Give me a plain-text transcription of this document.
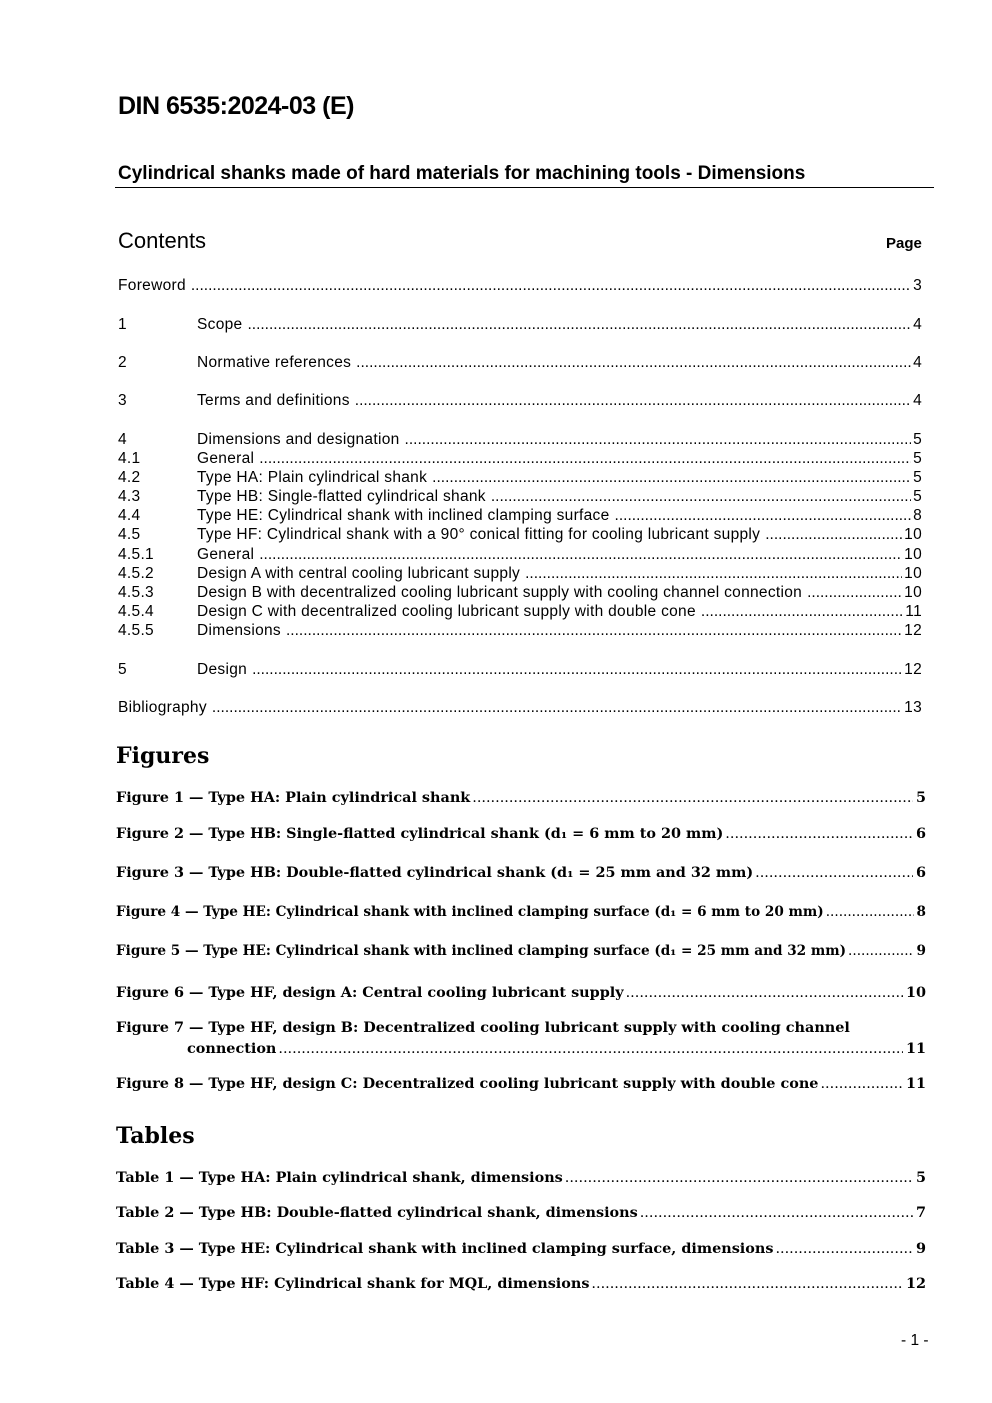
DIN 6535:2024-03 (E)
Cylindrical shanks made of hard materials for machining tools - Dimensions
Contents	Page
Foreword .....	3
1	Scope .....	4
2	Normative references .....	4
3	Terms and definitions .....	4
4	Dimensions and designation .....	5
4.1	General .....	5
4.2	Type HA: Plain cylindrical shank .....	5
4.3	Type HB: Single-flatted cylindrical shank .....	5
4.4	Type HE: Cylindrical shank with inclined clamping surface .....	8
4.5	Type HF: Cylindrical shank with a 90° conical fitting for cooling lubricant supply .....	10
4.5.1	General .....	10
4.5.2	Design A with central cooling lubricant supply .....	10
4.5.3	Design B with decentralized cooling lubricant supply with cooling channel connection .....	10
4.5.4	Design C with decentralized cooling lubricant supply with double cone .....	11
4.5.5	Dimensions .....	12
5	Design .....	12
Bibliography .....	13
Figures
Figure 1 — Type HA: Plain cylindrical shank .....	5
Figure 2 — Type HB: Single-flatted cylindrical shank (d₁ = 6 mm to 20 mm) .....	6
Figure 3 — Type HB: Double-flatted cylindrical shank (d₁ = 25 mm and 32 mm) .....	6
Figure 4 — Type HE: Cylindrical shank with inclined clamping surface (d₁ = 6 mm to 20 mm) .....	8
Figure 5 — Type HE: Cylindrical shank with inclined clamping surface (d₁ = 25 mm and 32 mm) .....	9
Figure 6 — Type HF, design A: Central cooling lubricant supply .....	10
Figure 7 — Type HF, design B: Decentralized cooling lubricant supply with cooling channel
connection .....	11
Figure 8 — Type HF, design C: Decentralized cooling lubricant supply with double cone .....	11
Tables
Table 1 — Type HA: Plain cylindrical shank, dimensions .....	5
Table 2 — Type HB: Double-flatted cylindrical shank, dimensions .....	7
Table 3 — Type HE: Cylindrical shank with inclined clamping surface, dimensions .....	9
Table 4 — Type HF: Cylindrical shank for MQL, dimensions .....	12
- 1 -
